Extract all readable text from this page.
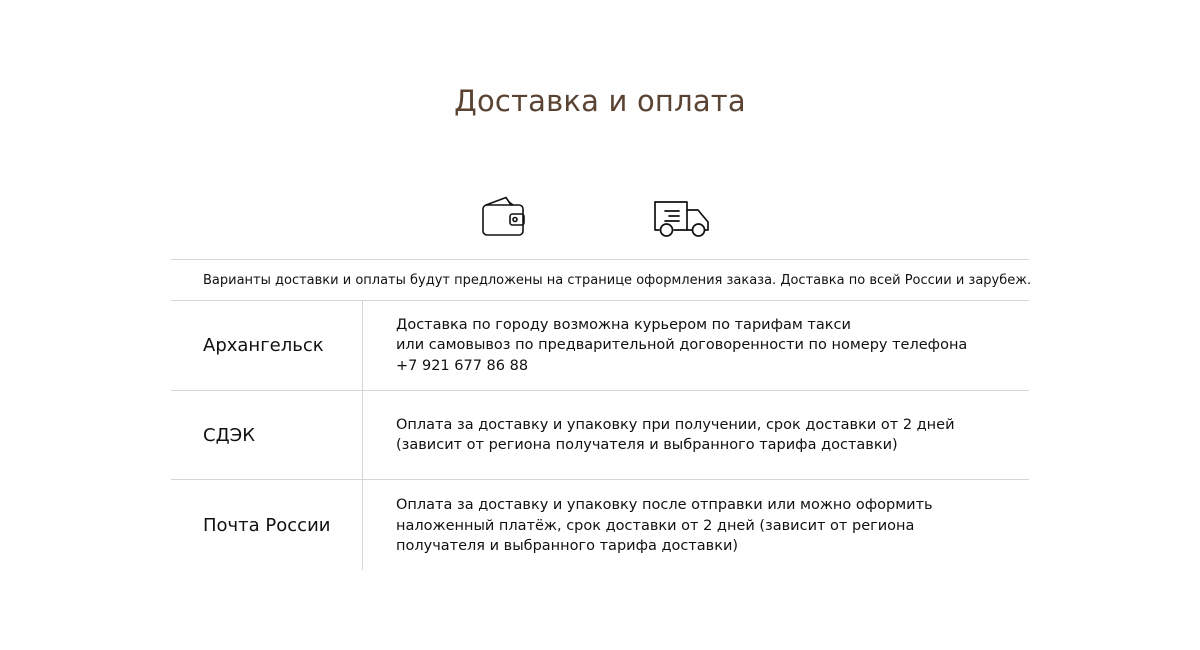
Доставка и оплата
Варианты доставки и оплаты будут предложены на странице оформления заказа. Доставка по всей России и зарубеж.
Архангельск
Доставка по городу возможна курьером по тарифам такси
или самовывоз по предварительной договоренности по номеру телефона
+7 921 677 86 88
СДЭК	Оплата за доставку и упаковку при получении, срок доставки от 2 дней
(зависит от региона получателя и выбранного тарифа доставки)
Почта России
Оплата за доставку и упаковку после отправки или можно оформить
наложенный платёж, срок доставки от 2 дней (зависит от региона
получателя и выбранного тарифа доставки)
